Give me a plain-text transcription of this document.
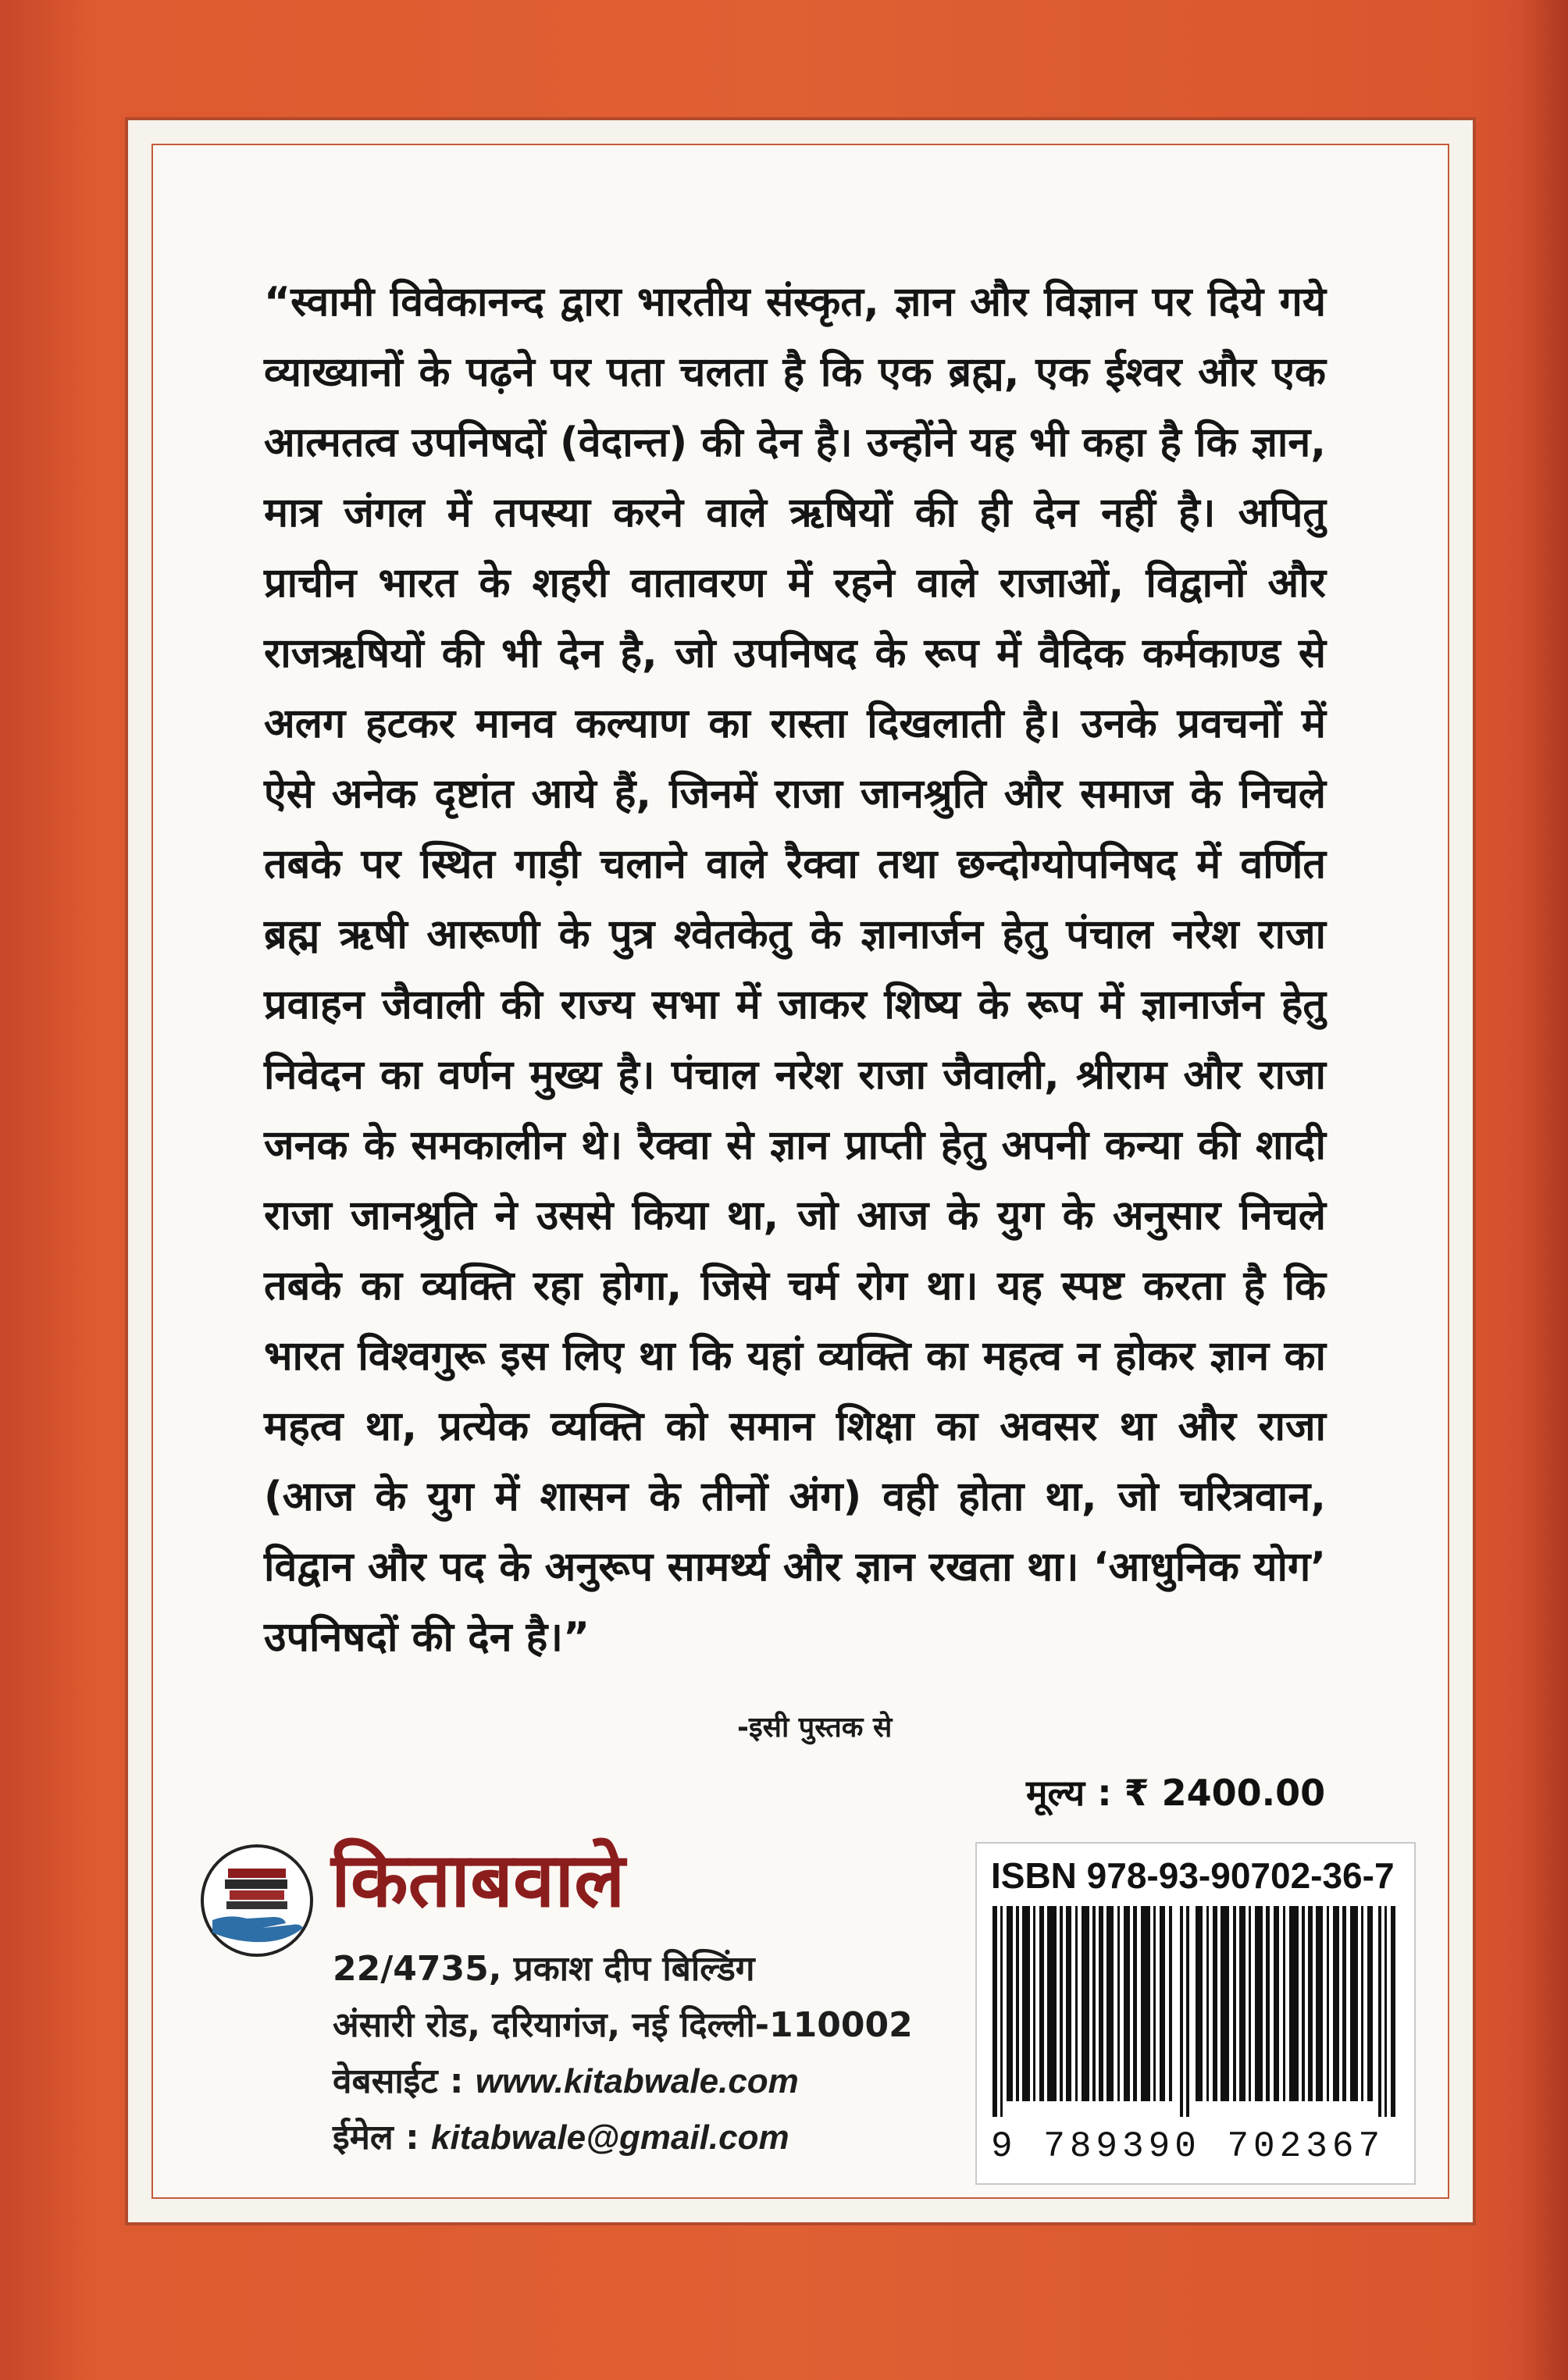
“स्वामी विवेकानन्द द्वारा भारतीय संस्कृत, ज्ञान और विज्ञान पर दिये गये व्याख्यानों के पढ़ने पर पता चलता है कि एक ब्रह्म, एक ईश्वर और एक आत्मतत्व उपनिषदों (वेदान्त) की देन है। उन्होंने यह भी कहा है कि ज्ञान, मात्र जंगल में तपस्या करने वाले ऋषियों की ही देन नहीं है। अपितु प्राचीन भारत के शहरी वातावरण में रहने वाले राजाओं, विद्वानों और राजऋषियों की भी देन है, जो उपनिषद के रूप में वैदिक कर्मकाण्ड से अलग हटकर मानव कल्याण का रास्ता दिखलाती है। उनके प्रवचनों में ऐसे अनेक दृष्टांत आये हैं, जिनमें राजा जानश्रुति और समाज के निचले तबके पर स्थित गाड़ी चलाने वाले रैक्वा तथा छन्दोग्योपनिषद में वर्णित ब्रह्म ऋषी आरूणी के पुत्र श्वेतकेतु के ज्ञानार्जन हेतु पंचाल नरेश राजा प्रवाहन जैवाली की राज्य सभा में जाकर शिष्य के रूप में ज्ञानार्जन हेतु निवेदन का वर्णन मुख्य है। पंचाल नरेश राजा जैवाली, श्रीराम और राजा जनक के समकालीन थे। रैक्वा से ज्ञान प्राप्ती हेतु अपनी कन्या की शादी राजा जानश्रुति ने उससे किया था, जो आज के युग के अनुसार निचले तबके का व्यक्ति रहा होगा, जिसे चर्म रोग था। यह स्पष्ट करता है कि भारत विश्वगुरू इस लिए था कि यहां व्यक्ति का महत्व न होकर ज्ञान का महत्व था, प्रत्येक व्यक्ति को समान शिक्षा का अवसर था और राजा (आज के युग में शासन के तीनों अंग) वही होता था, जो चरित्रवान, विद्वान और पद के अनुरूप सामर्थ्य और ज्ञान रखता था। ‘आधुनिक योग’ उपनिषदों की देन है।”
-इसी पुस्तक से
मूल्य : ₹ 2400.00
ISBN 978-93-90702-36-7
9 789390 702367
किताबवाले
22/4735, प्रकाश दीप बिल्डिंग
अंसारी रोड, दरियागंज, नई दिल्ली-110002
वेबसाईट : www.kitabwale.com
ईमेल : kitabwale@gmail.com
